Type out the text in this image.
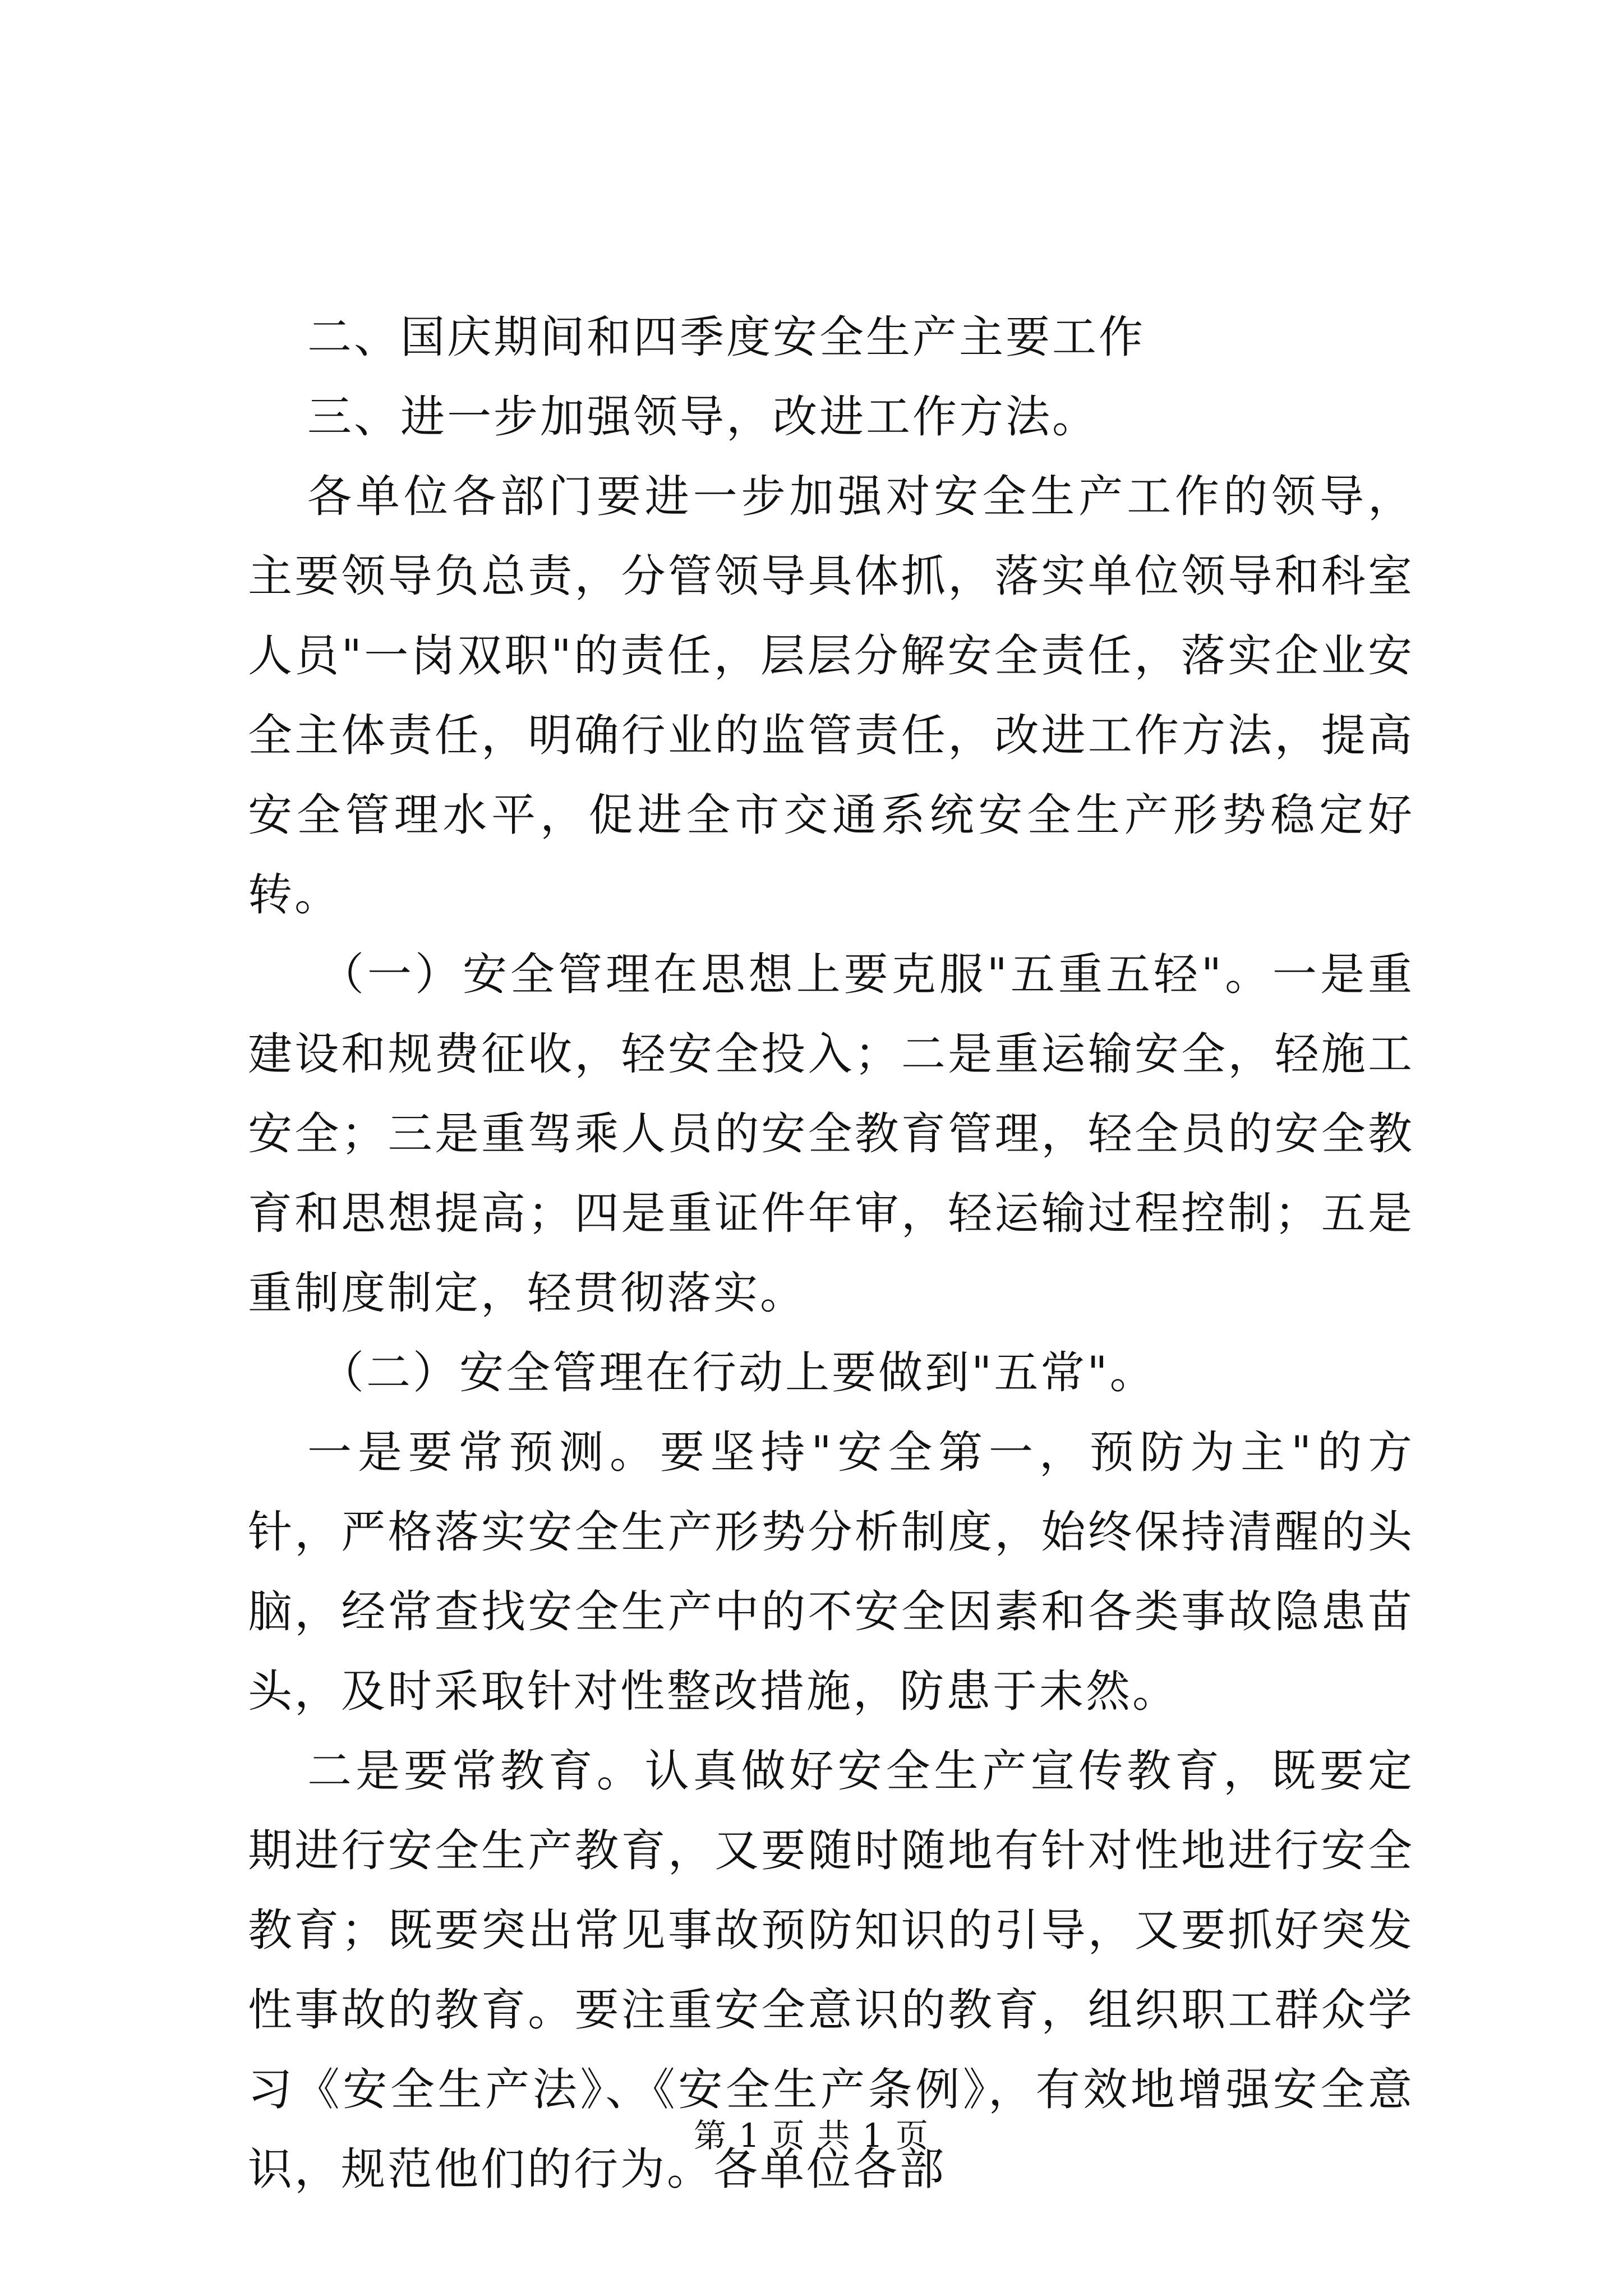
二、国庆期间和四季度安全生产主要工作

三、进一步加强领导，改进工作方法。

各单位各部门要进一步加强对安全生产工作的领导，主要领导负总责，分管领导具体抓，落实单位领导和科室人员"一岗双职"的责任，层层分解安全责任，落实企业安全主体责任，明确行业的监管责任，改进工作方法，提高安全管理水平，促进全市交通系统安全生产形势稳定好转。

（一）安全管理在思想上要克服"五重五轻"。一是重建设和规费征收，轻安全投入；二是重运输安全，轻施工安全；三是重驾乘人员的安全教育管理，轻全员的安全教育和思想提高；四是重证件年审，轻运输过程控制；五是重制度制定，轻贯彻落实。

（二）安全管理在行动上要做到"五常"。

一是要常预测。要坚持"安全第一，预防为主"的方针，严格落实安全生产形势分析制度，始终保持清醒的头脑，经常查找安全生产中的不安全因素和各类事故隐患苗头，及时采取针对性整改措施，防患于未然。

二是要常教育。认真做好安全生产宣传教育，既要定期进行安全生产教育，又要随时随地有针对性地进行安全教育；既要突出常见事故预防知识的引导，又要抓好突发性事故的教育。要注重安全意识的教育，组织职工群众学习《安全生产法》、《安全生产条例》，有效地增强安全意识，规范他们的行为。各单位各部

第 1 页 共 1 页
